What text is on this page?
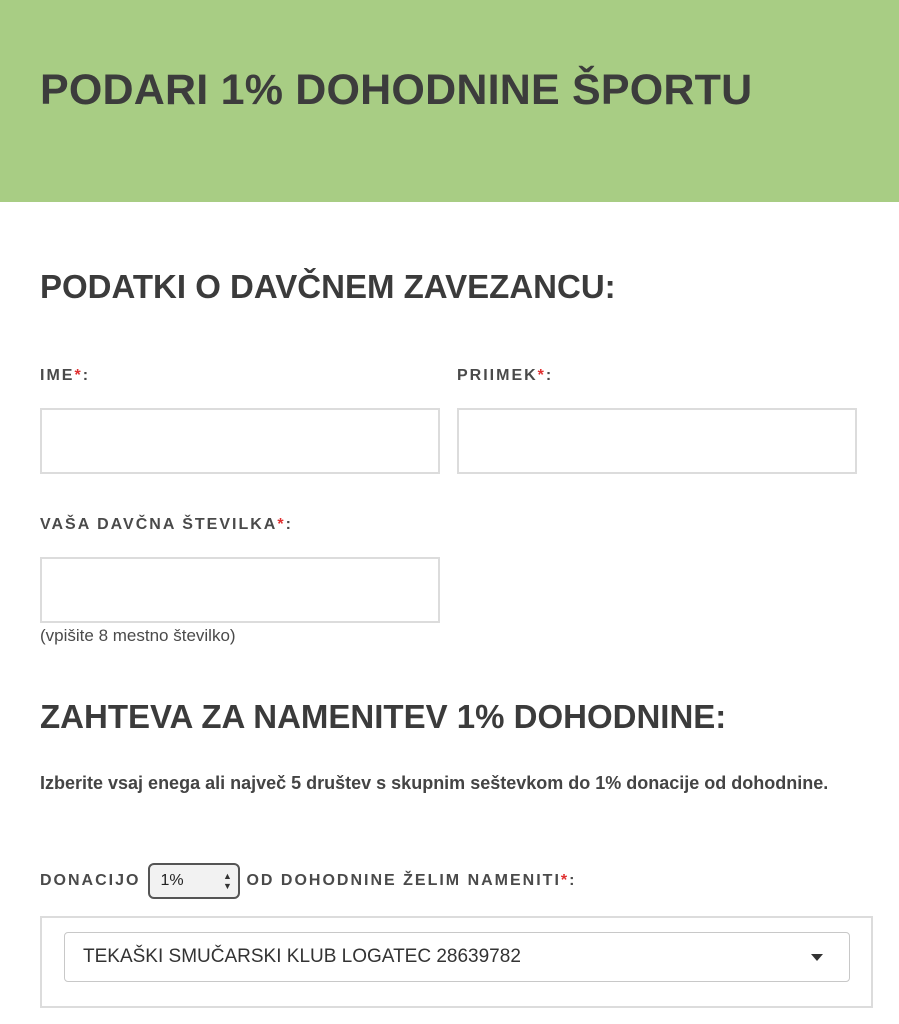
PODARI 1% DOHODNINE ŠPORTU
PODATKI O DAVČNEM ZAVEZANCU:
IME*:	PRIIMEK*:
VAŠA DAVČNA ŠTEVILKA*:
(vpišite 8 mestno številko)
ZAHTEVA ZA NAMENITEV 1% DOHODNINE:

Izberite vsaj enega ali največ 5 društev s skupnim seštevkom do 1% donacije od dohodnine.

DONACIJO 1%	▲
▼ OD DOHODNINE ŽELIM NAMENITI*:
TEKAŠKI SMUČARSKI KLUB LOGATEC 28639782
